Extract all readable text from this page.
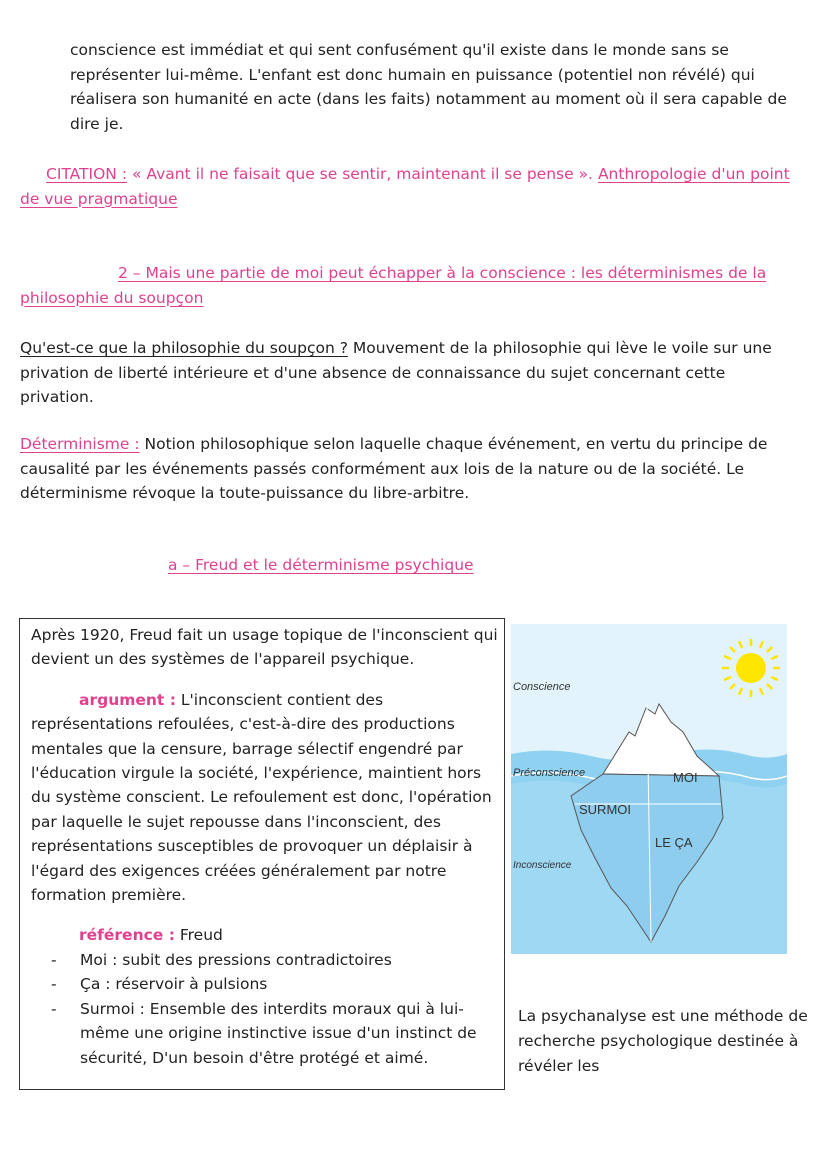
conscience est immédiat et qui sent confusément qu'il existe dans le monde sans se représenter lui-même. L'enfant est donc humain en puissance (potentiel non révélé) qui réalisera son humanité en acte (dans les faits) notamment au moment où il sera capable de dire je.
CITATION : « Avant il ne faisait que se sentir, maintenant il se pense ». Anthropologie d'un point de vue pragmatique
2 – Mais une partie de moi peut échapper à la conscience : les déterminismes de la philosophie du soupçon
Qu'est-ce que la philosophie du soupçon ? Mouvement de la philosophie qui lève le voile sur une privation de liberté intérieure et d'une absence de connaissance du sujet concernant cette privation.
Déterminisme : Notion philosophique selon laquelle chaque événement, en vertu du principe de causalité par les événements passés conformément aux lois de la nature ou de la société. Le déterminisme révoque la toute-puissance du libre-arbitre.
a – Freud et le déterminisme psychique

Après 1920, Freud fait un usage topique de l'inconscient qui devient un des systèmes de l'appareil psychique.

argument : L'inconscient contient des représentations refoulées, c'est-à-dire des productions mentales que la censure, barrage sélectif engendré par l'éducation virgule la société, l'expérience, maintient hors du système conscient. Le refoulement est donc, l'opération par laquelle le sujet repousse dans l'inconscient, des représentations susceptibles de provoquer un déplaisir à l'égard des exigences créées généralement par notre formation première.

référence : Freud

- Moi : subit des pressions contradictoires
- Ça : réservoir à pulsions
- Surmoi : Ensemble des interdits moraux qui à lui-même une origine instinctive issue d'un instinct de sécurité, D'un besoin d'être protégé et aimé.
Conscience
Préconscience
Inconscience
MOI
SURMOI
LE ÇA
La psychanalyse est une méthode de recherche psychologique destinée à révéler les
